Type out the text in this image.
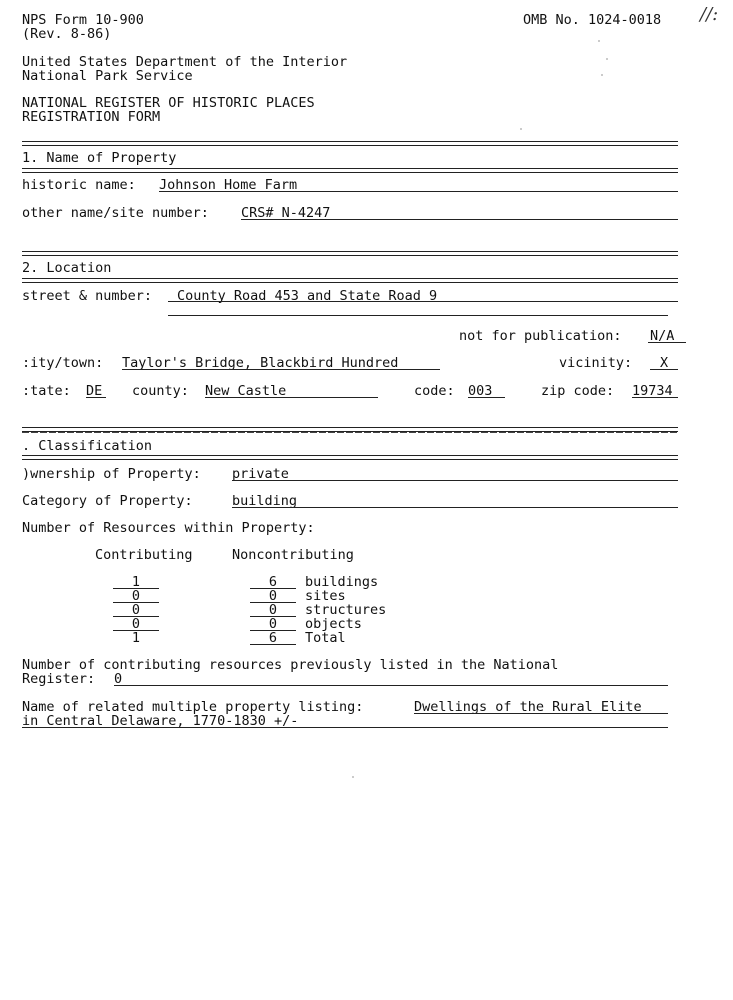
NPS Form 10-900
(Rev. 8-86)
OMB No. 1024-0018 //:
United States Department of the Interior
National Park Service
NATIONAL REGISTER OF HISTORIC PLACES
REGISTRATION FORM
1. Name of Property
historic name: Johnson Home Farm
other name/site number: CRS# N-4247
2. Location
street & number: County Road 453 and State Road 9
not for publication: N/A
:ity/town: Taylor's Bridge, Blackbird Hundred	vicinity: X
:tate: DE county: New Castle	code: 003	zip code: 19734
. Classification
)wnership of Property: private
Category of Property:	building
Number of Resources within Property:
Contributing	Noncontributing
1	6	buildings
0	0	sites
0	0	structures
0	0	objects
1	6	Total
Number of contributing resources previously listed in the National
Register: 0
Name of related multiple property listing:	Dwellings of the Rural Elite
in Central Delaware, 1770-1830 +/-
